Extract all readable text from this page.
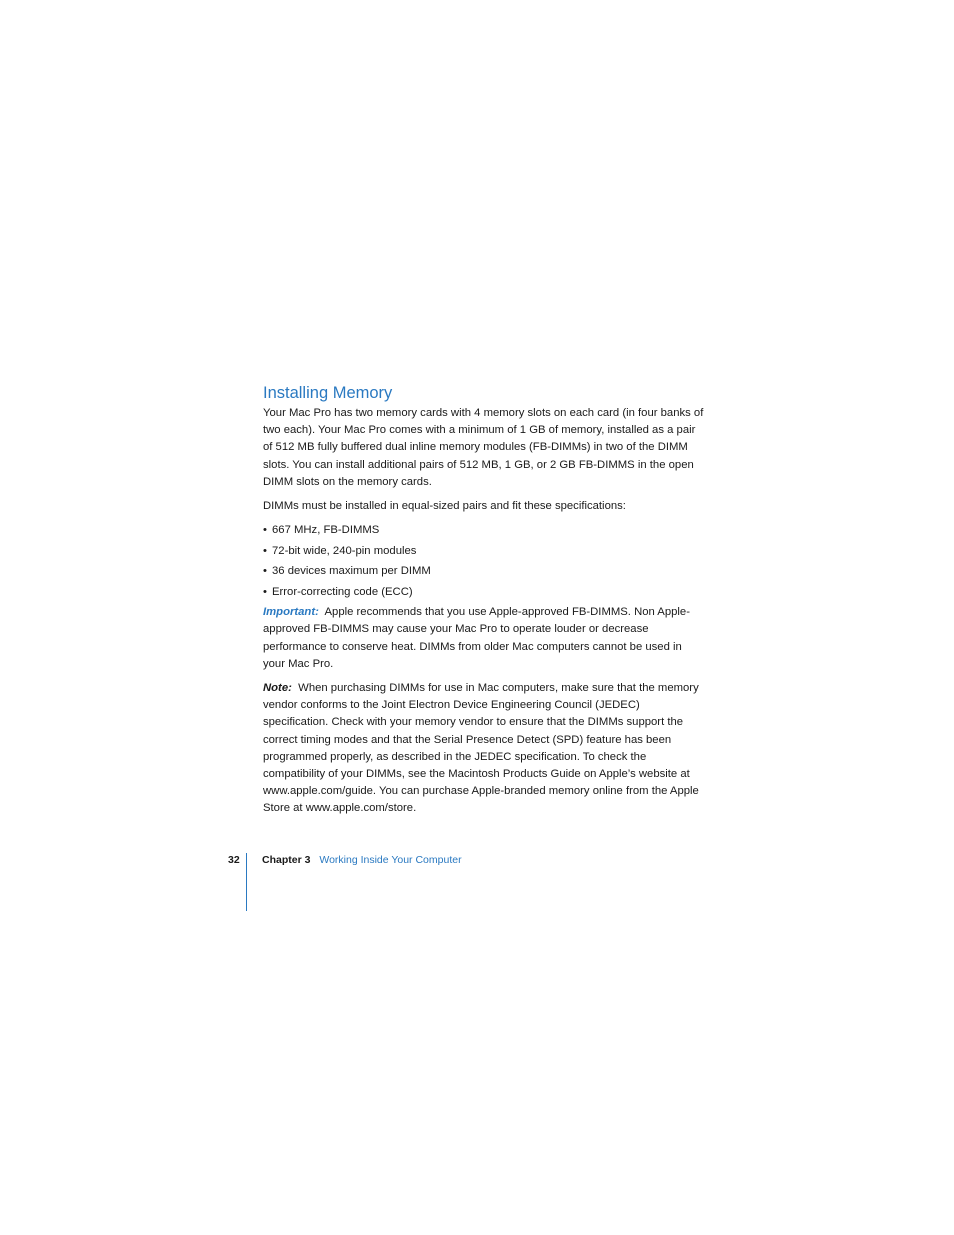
Installing Memory

Your Mac Pro has two memory cards with 4 memory slots on each card (in four banks of two each). Your Mac Pro comes with a minimum of 1 GB of memory, installed as a pair of 512 MB fully buffered dual inline memory modules (FB-DIMMs) in two of the DIMM slots. You can install additional pairs of 512 MB, 1 GB, or 2 GB FB-DIMMS in the open DIMM slots on the memory cards.

DIMMs must be installed in equal-sized pairs and fit these specifications:

• 667 MHz, FB-DIMMS
• 72-bit wide, 240-pin modules
• 36 devices maximum per DIMM
• Error-correcting code (ECC)

Important: Apple recommends that you use Apple-approved FB-DIMMS. Non Apple-approved FB-DIMMS may cause your Mac Pro to operate louder or decrease performance to conserve heat. DIMMs from older Mac computers cannot be used in your Mac Pro.

Note: When purchasing DIMMs for use in Mac computers, make sure that the memory vendor conforms to the Joint Electron Device Engineering Council (JEDEC) specification. Check with your memory vendor to ensure that the DIMMs support the correct timing modes and that the Serial Presence Detect (SPD) feature has been programmed properly, as described in the JEDEC specification. To check the compatibility of your DIMMs, see the Macintosh Products Guide on Apple’s website at www.apple.com/guide. You can purchase Apple-branded memory online from the Apple Store at www.apple.com/store.

32 Chapter 3 Working Inside Your Computer
